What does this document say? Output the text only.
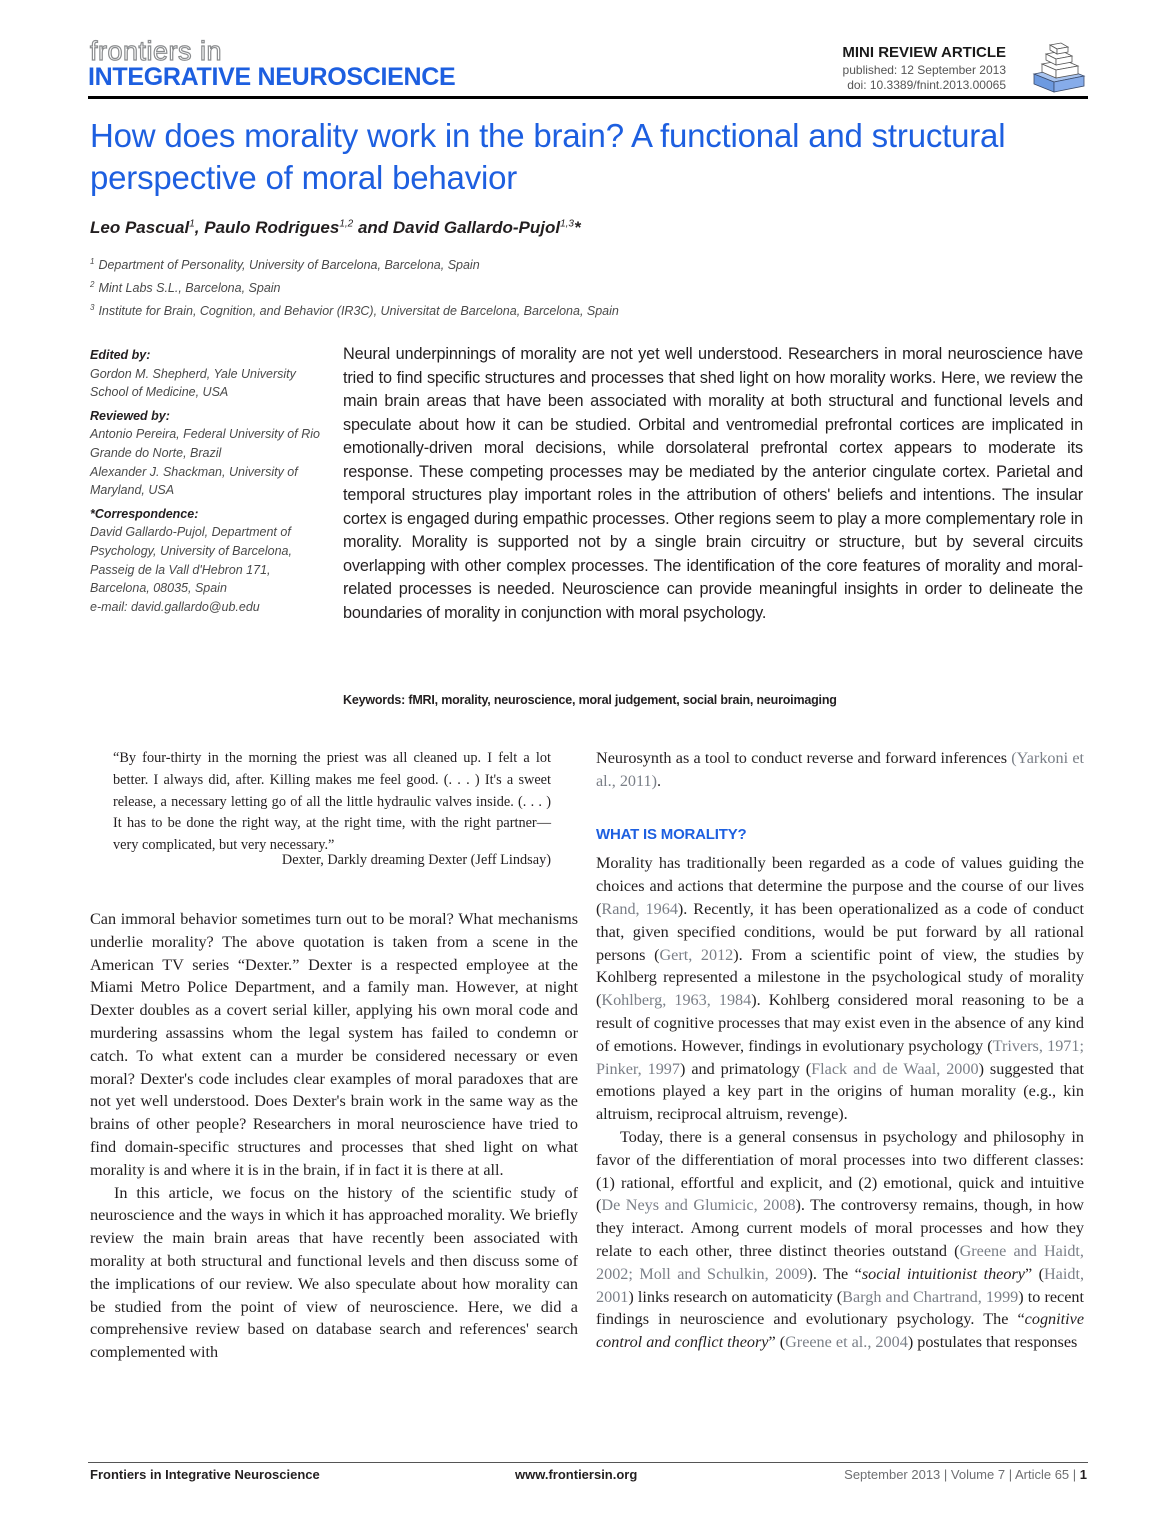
frontiers in
INTEGRATIVE NEUROSCIENCE
MINI REVIEW ARTICLE
published: 12 September 2013
doi: 10.3389/fnint.2013.00065
How does morality work in the brain? A functional and structural perspective of moral behavior
Leo Pascual$^1$, Paulo Rodrigues$^{1,2}$ and David Gallardo-Pujol$^{1,3}$*
$^1$ Department of Personality, University of Barcelona, Barcelona, Spain
$^2$ Mint Labs S.L., Barcelona, Spain
$^3$ Institute for Brain, Cognition, and Behavior (IR3C), Universitat de Barcelona, Barcelona, Spain
Edited by:
Gordon M. Shepherd, Yale University School of Medicine, USA
Reviewed by:
Antonio Pereira, Federal University of Rio Grande do Norte, Brazil
Alexander J. Shackman, University of Maryland, USA
*Correspondence:
David Gallardo-Pujol, Department of Psychology, University of Barcelona, Passeig de la Vall d'Hebron 171, Barcelona, 08035, Spain
e-mail: david.gallardo@ub.edu

Neural underpinnings of morality are not yet well understood. Researchers in moral neuroscience have tried to find specific structures and processes that shed light on how morality works. Here, we review the main brain areas that have been associated with morality at both structural and functional levels and speculate about how it can be studied. Orbital and ventromedial prefrontal cortices are implicated in emotionally-driven moral decisions, while dorsolateral prefrontal cortex appears to moderate its response. These competing processes may be mediated by the anterior cingulate cortex. Parietal and temporal structures play important roles in the attribution of others' beliefs and intentions. The insular cortex is engaged during empathic processes. Other regions seem to play a more complementary role in morality. Morality is supported not by a single brain circuitry or structure, but by several circuits overlapping with other complex processes. The identification of the core features of morality and moral-related processes is needed. Neuroscience can provide meaningful insights in order to delineate the boundaries of morality in conjunction with moral psychology.

Keywords: fMRI, morality, neuroscience, moral judgement, social brain, neuroimaging

“By four-thirty in the morning the priest was all cleaned up. I felt a lot better. I always did, after. Killing makes me feel good. (. . . ) It's a sweet release, a necessary letting go of all the little hydraulic valves inside. (. . . ) It has to be done the right way, at the right time, with the right partner—very complicated, but very necessary.”

Dexter, Darkly dreaming Dexter (Jeff Lindsay)

Can immoral behavior sometimes turn out to be moral? What mechanisms underlie morality? The above quotation is taken from a scene in the American TV series “Dexter.” Dexter is a respected employee at the Miami Metro Police Department, and a family man. However, at night Dexter doubles as a covert serial killer, applying his own moral code and murdering assassins whom the legal system has failed to condemn or catch. To what extent can a murder be considered necessary or even moral? Dexter's code includes clear examples of moral paradoxes that are not yet well understood. Does Dexter's brain work in the same way as the brains of other people? Researchers in moral neuroscience have tried to find domain-specific structures and processes that shed light on what morality is and where it is in the brain, if in fact it is there at all.

In this article, we focus on the history of the scientific study of neuroscience and the ways in which it has approached morality. We briefly review the main brain areas that have recently been associated with morality at both structural and functional levels and then discuss some of the implications of our review. We also speculate about how morality can be studied from the point of view of neuroscience. Here, we did a comprehensive review based on database search and references' search complemented with

Neurosynth as a tool to conduct reverse and forward inferences (Yarkoni et al., 2011).

WHAT IS MORALITY?

Morality has traditionally been regarded as a code of values guiding the choices and actions that determine the purpose and the course of our lives (Rand, 1964). Recently, it has been operationalized as a code of conduct that, given specified conditions, would be put forward by all rational persons (Gert, 2012). From a scientific point of view, the studies by Kohlberg represented a milestone in the psychological study of morality (Kohlberg, 1963, 1984). Kohlberg considered moral reasoning to be a result of cognitive processes that may exist even in the absence of any kind of emotions. However, findings in evolutionary psychology (Trivers, 1971; Pinker, 1997) and primatology (Flack and de Waal, 2000) suggested that emotions played a key part in the origins of human morality (e.g., kin altruism, reciprocal altruism, revenge).

Today, there is a general consensus in psychology and philosophy in favor of the differentiation of moral processes into two different classes: (1) rational, effortful and explicit, and (2) emotional, quick and intuitive (De Neys and Glumicic, 2008). The controversy remains, though, in how they interact. Among current models of moral processes and how they relate to each other, three distinct theories outstand (Greene and Haidt, 2002; Moll and Schulkin, 2009). The “social intuitionist theory” (Haidt, 2001) links research on automaticity (Bargh and Chartrand, 1999) to recent findings in neuroscience and evolutionary psychology. The “cognitive control and conflict theory” (Greene et al., 2004) postulates that responses

Frontiers in Integrative Neuroscience	www.frontiersin.org	September 2013 | Volume 7 | Article 65 | 1
